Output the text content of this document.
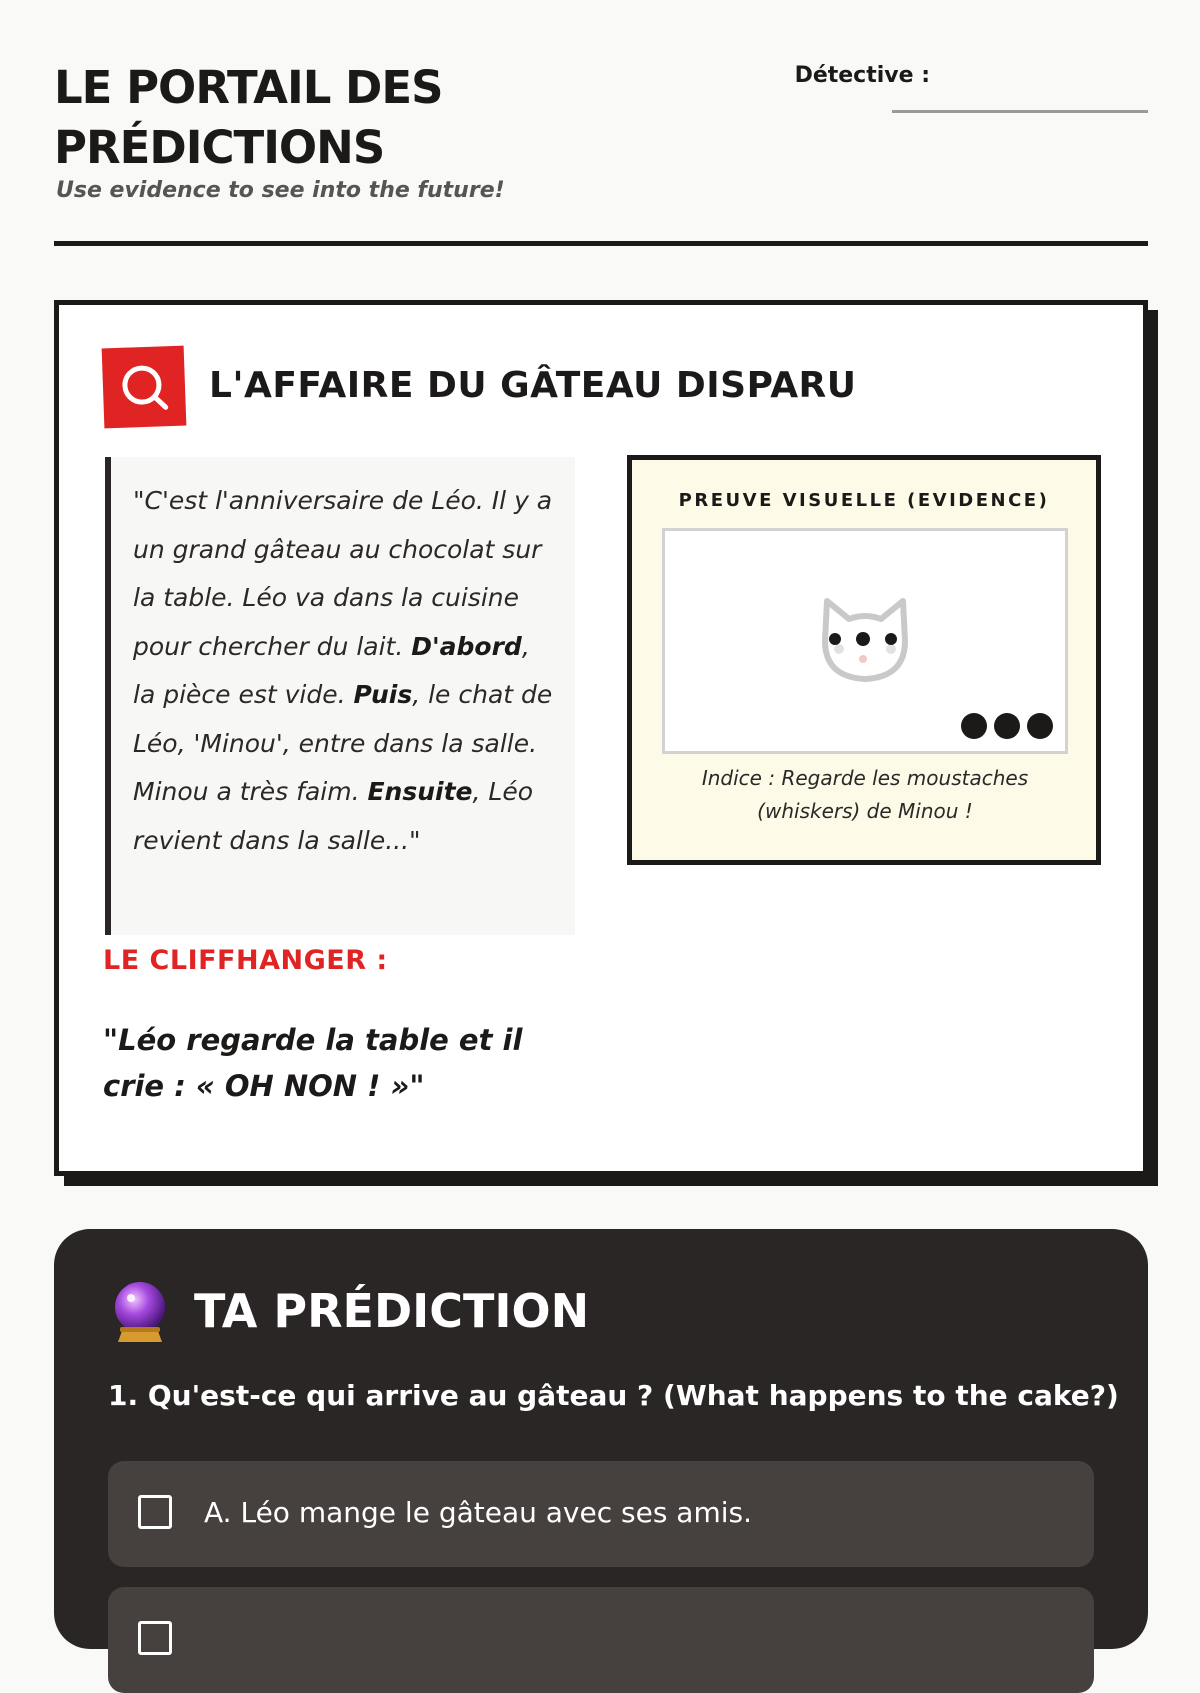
LE PORTAIL DES PRÉDICTIONS
Use evidence to see into the future!
Détective :
L'AFFAIRE DU GÂTEAU DISPARU
"C'est l'anniversaire de Léo. Il y a un grand gâteau au chocolat sur la table. Léo va dans la cuisine pour chercher du lait. D'abord, la pièce est vide. Puis, le chat de Léo, 'Minou', entre dans la salle. Minou a très faim. Ensuite, Léo revient dans la salle..."
PREUVE VISUELLE (EVIDENCE)
Indice : Regarde les moustaches (whiskers) de Minou !
LE CLIFFHANGER :
"Léo regarde la table et il crie : « OH NON ! »"
TA PRÉDICTION
1. Qu'est-ce qui arrive au gâteau ? (What happens to the cake?)
A. Léo mange le gâteau avec ses amis.
